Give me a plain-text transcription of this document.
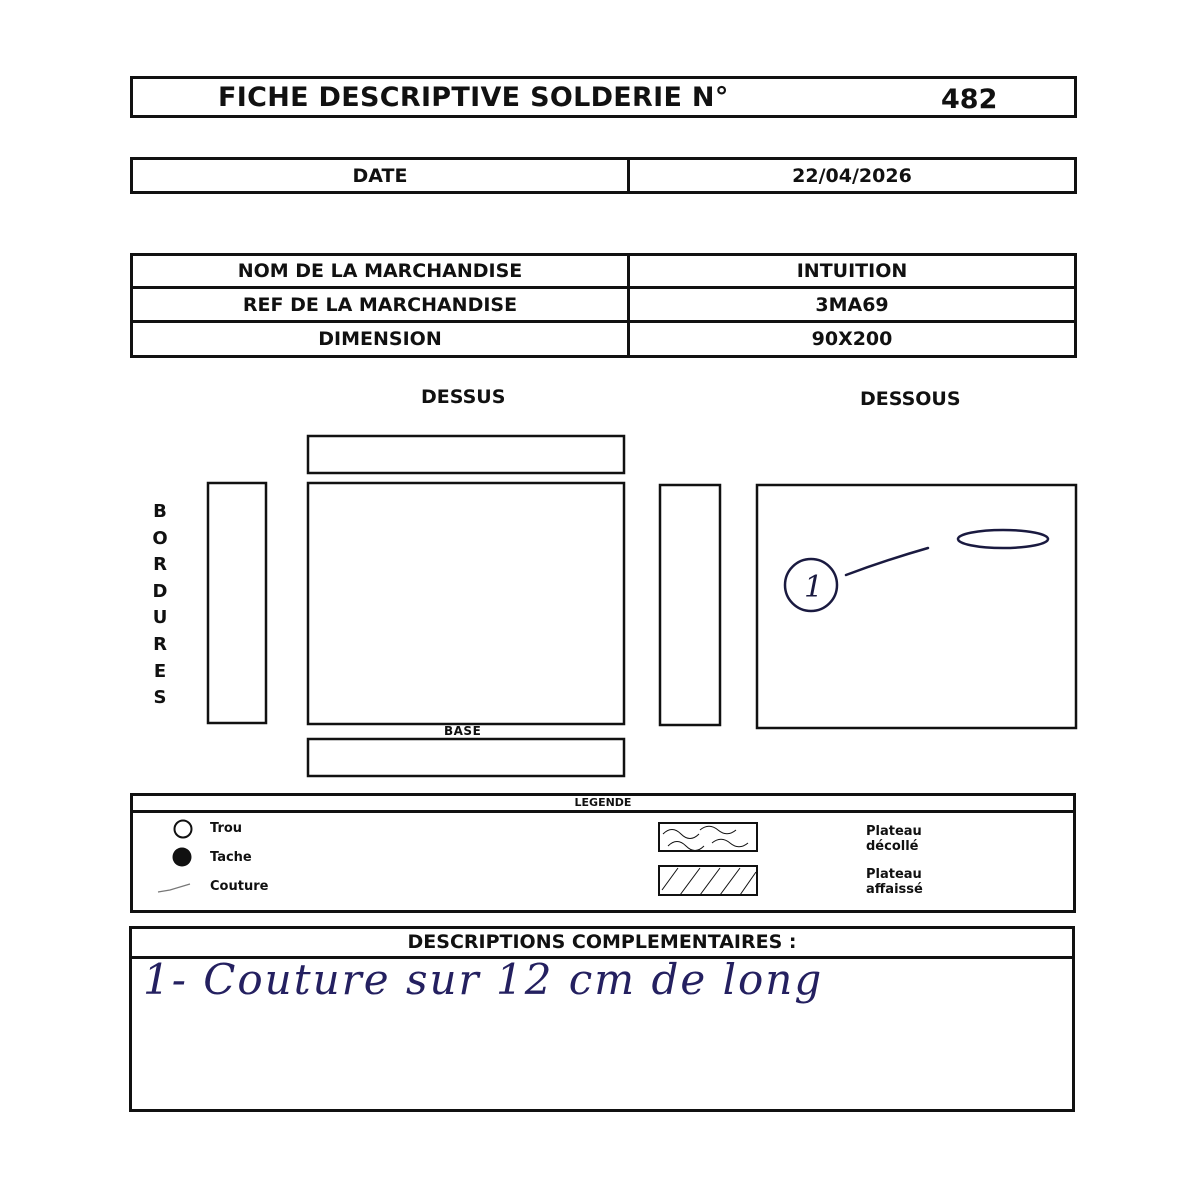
FICHE DESCRIPTIVE SOLDERIE N°	482
DATE	22/04/2026
NOM DE LA MARCHANDISE	INTUITION
REF DE LA MARCHANDISE	3MA69
DIMENSION	90X200
DESSUS	DESSOUS
B
O
R
D
U
R
E
S
1
BASE
LEGENDE
Trou
Tache
Couture
Plateau
décollé
Plateau
affaissé
DESCRIPTIONS COMPLEMENTAIRES :
1- Couture sur 12 cm de long
